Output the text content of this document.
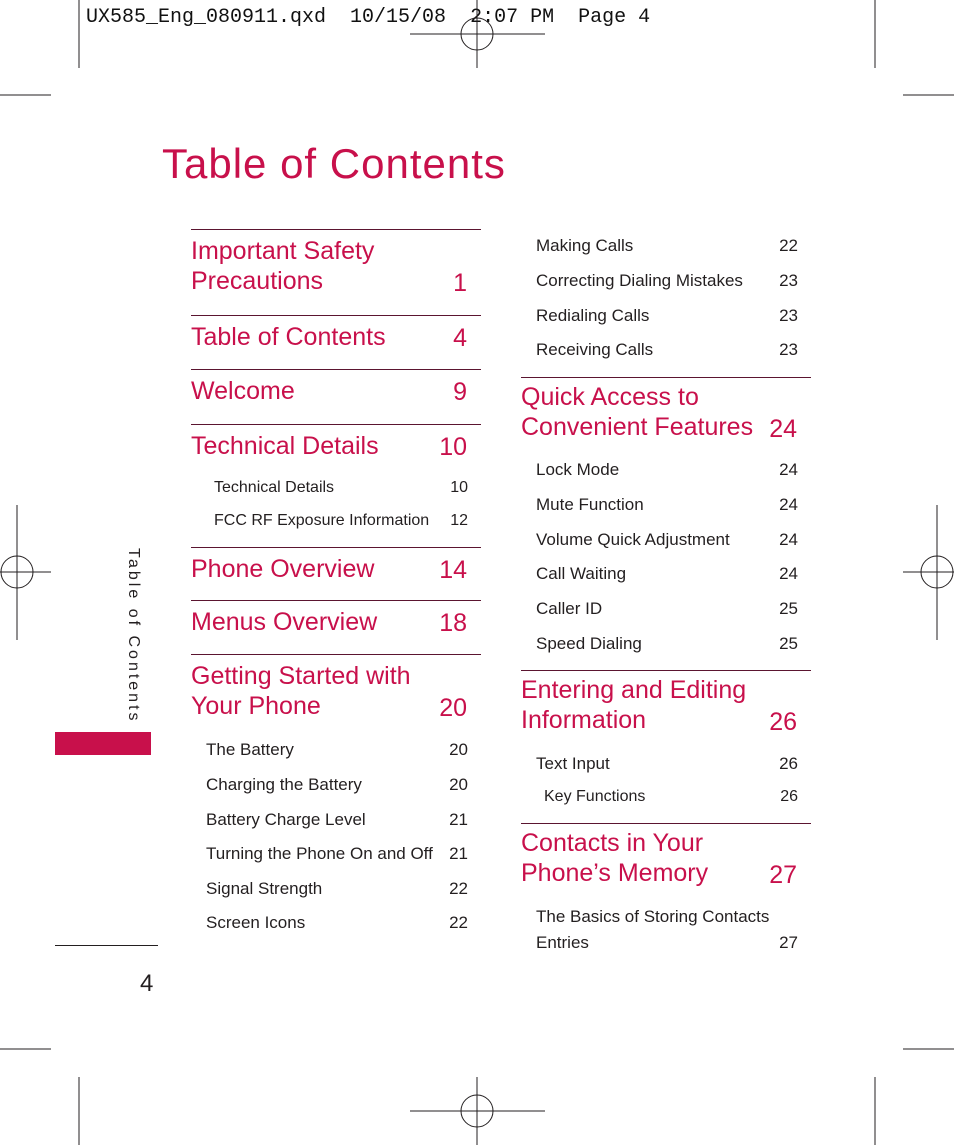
UX585_Eng_080911.qxd  10/15/08  2:07 PM  Page 4
Table of Contents
Important Safety
Precautions	1
Table of Contents	4
Welcome	9
Technical Details 10
Technical Details	10
FCC RF Exposure Information 12
Phone Overview	14
Menus Overview 18
Getting Started with
Your Phone	20
The Battery	20
Charging the Battery	20
Battery Charge Level	21
Turning the Phone On and Off 21
Signal Strength	22
Screen Icons	22
Making Calls	22
Correcting Dialing Mistakes 23
Redialing Calls	23
Receiving Calls	23
Quick Access to
Convenient Features 24
Lock Mode	24
Mute Function	24
Volume Quick Adjustment	24
Call Waiting	24
Caller ID	25
Speed Dialing	25
Entering and Editing
Information	26
Text Input	26
Key Functions	26
Contacts in Your
Phone’s Memory 27
The Basics of Storing Contacts
Entries	27
Table of Contents
4
